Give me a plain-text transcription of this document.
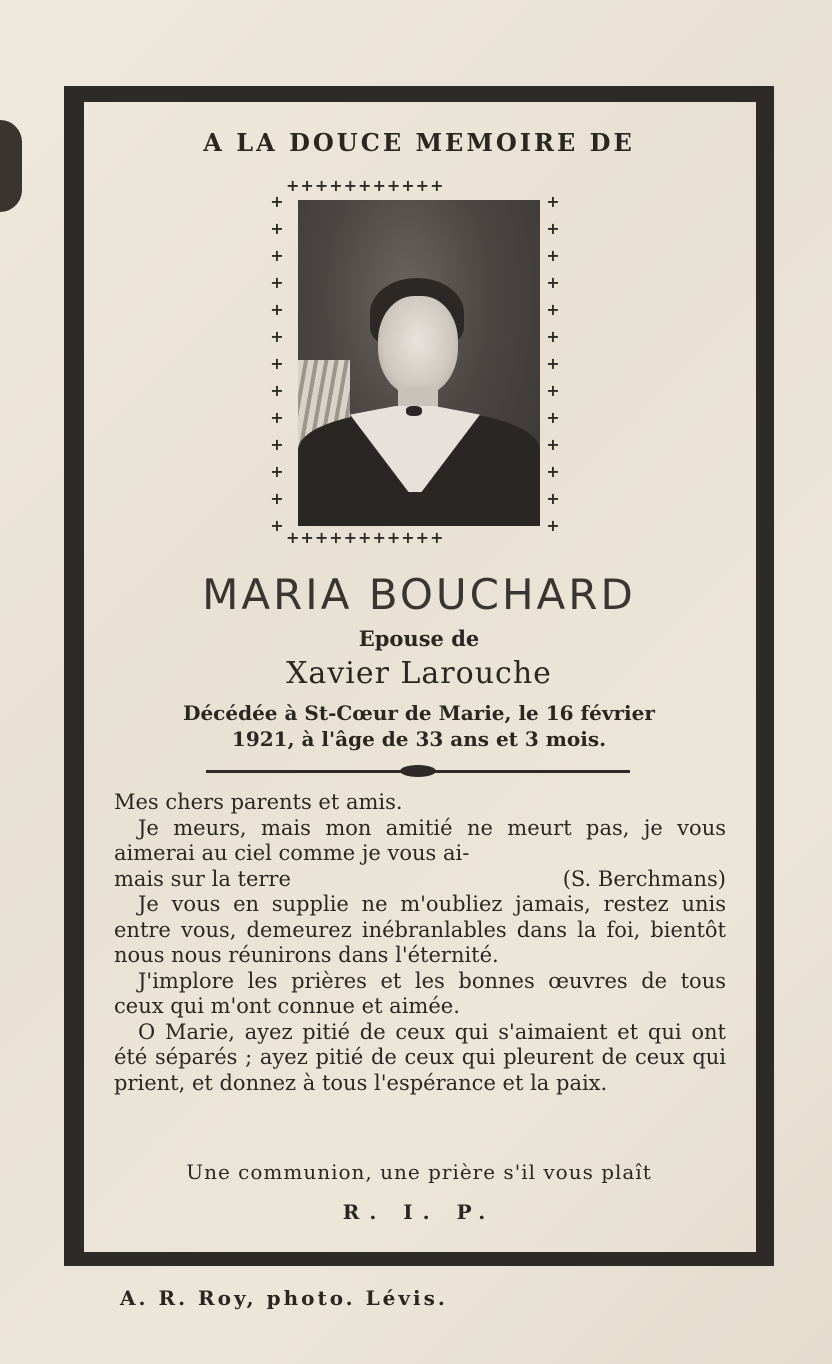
A LA DOUCE MEMOIRE DE
+++++++++++
+++++++++++
+
+
+
+
+
+
+
+
+
+
+
+
+
+
+
+
+
+
+
+
+
+
+
+
+
+
MARIA BOUCHARD
Epouse de
Xavier Larouche
Décédée à St-Cœur de Marie, le 16 février
1921, à l'âge de 33 ans et 3 mois.

Mes chers parents et amis.

Je meurs, mais mon amitié ne meurt pas, je vous aimerai au ciel comme je vous ai-

mais sur la terre	(S. Berchmans)

Je vous en supplie ne m'oubliez jamais, restez unis entre vous, demeurez inébranlables dans la foi, bientôt nous nous réunirons dans l'éternité.

J'implore les prières et les bonnes œuvres de tous ceux qui m'ont connue et aimée.

O Marie, ayez pitié de ceux qui s'aimaient et qui ont été séparés ; ayez pitié de ceux qui pleurent de ceux qui prient, et donnez à tous l'espérance et la paix.

Une communion, une prière s'il vous plaît
R. I. P.
A. R. Roy, photo. Lévis.
